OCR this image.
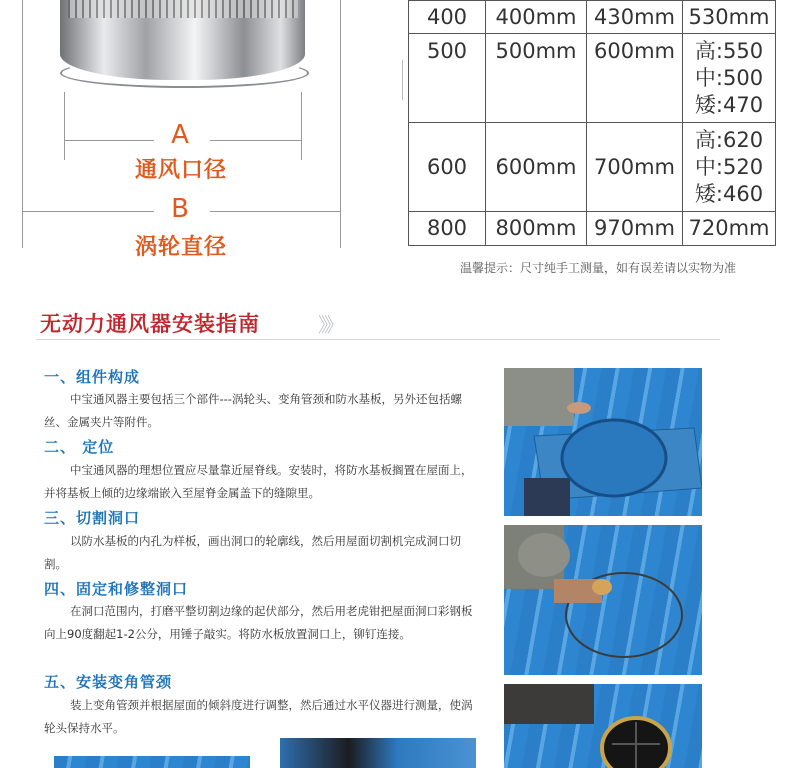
A
通风口径
B
涡轮直径
400	400mm	430mm	530mm
500	500mm	600mm	高:550
中:500
矮:470

600	600mm	700mm	高:620
中:520
矮:460

800	800mm	970mm	720mm
温馨提示：尺寸纯手工测量，如有误差请以实物为准
无动力通风器安装指南	》》
一、组件构成
中宝通风器主要包括三个部件---涡轮头、变角管颈和防水基板，另外还包括螺丝、金属夹片等附件。
二、 定位
中宝通风器的理想位置应尽量靠近屋脊线。安装时，将防水基板搁置在屋面上，并将基板上倾的边缘端嵌入至屋脊金属盖下的缝隙里。
三、切割洞口
以防水基板的内孔为样板，画出洞口的轮廓线，然后用屋面切割机完成洞口切割。
四、固定和修整洞口
在洞口范围内，打磨平整切割边缘的起伏部分，然后用老虎钳把屋面洞口彩钢板向上90度翻起1-2公分，用锤子敲实。将防水板放置洞口上，铆钉连接。
五、安装变角管颈
装上变角管颈并根据屋面的倾斜度进行调整，然后通过水平仪器进行测量，使涡轮头保持水平。
